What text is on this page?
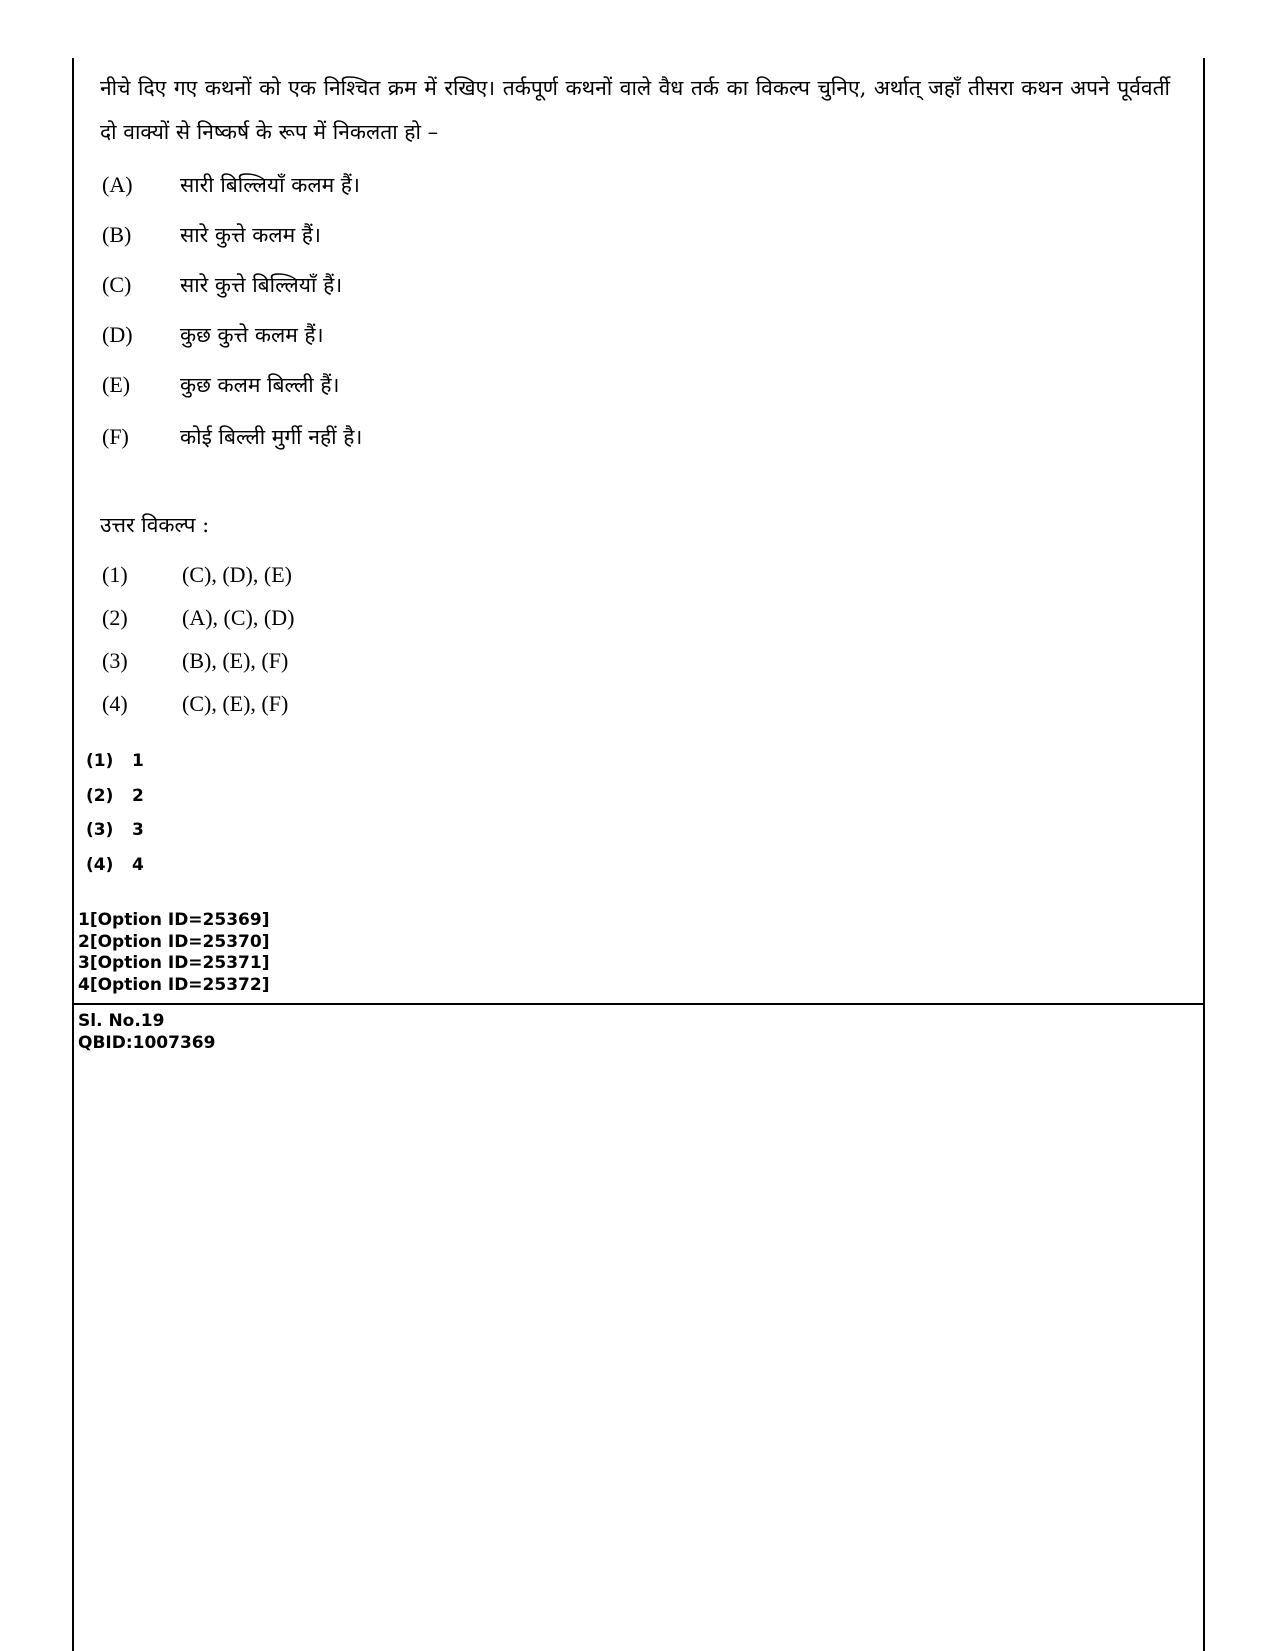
नीचे दिए गए कथनों को एक निश्चित क्रम में रखिए। तर्कपूर्ण कथनों वाले वैध तर्क का विकल्प चुनिए, अर्थात् जहाँ तीसरा कथन अपने पूर्ववर्ती दो वाक्यों से निष्कर्ष के रूप में निकलता हो –
(A) सारी बिल्लियाँ कलम हैं।
(B) सारे कुत्ते कलम हैं।
(C) सारे कुत्ते बिल्लियाँ हैं।
(D) कुछ कुत्ते कलम हैं।
(E) कुछ कलम बिल्ली हैं।
(F) कोई बिल्ली मुर्गी नहीं है।
उत्तर विकल्प :
(1) (C), (D), (E)
(2) (A), (C), (D)
(3) (B), (E), (F)
(4) (C), (E), (F)
(1) 1
(2) 2
(3) 3
(4) 4
1[Option ID=25369]
2[Option ID=25370]
3[Option ID=25371]
4[Option ID=25372]
Sl. No.19
QBID:1007369
